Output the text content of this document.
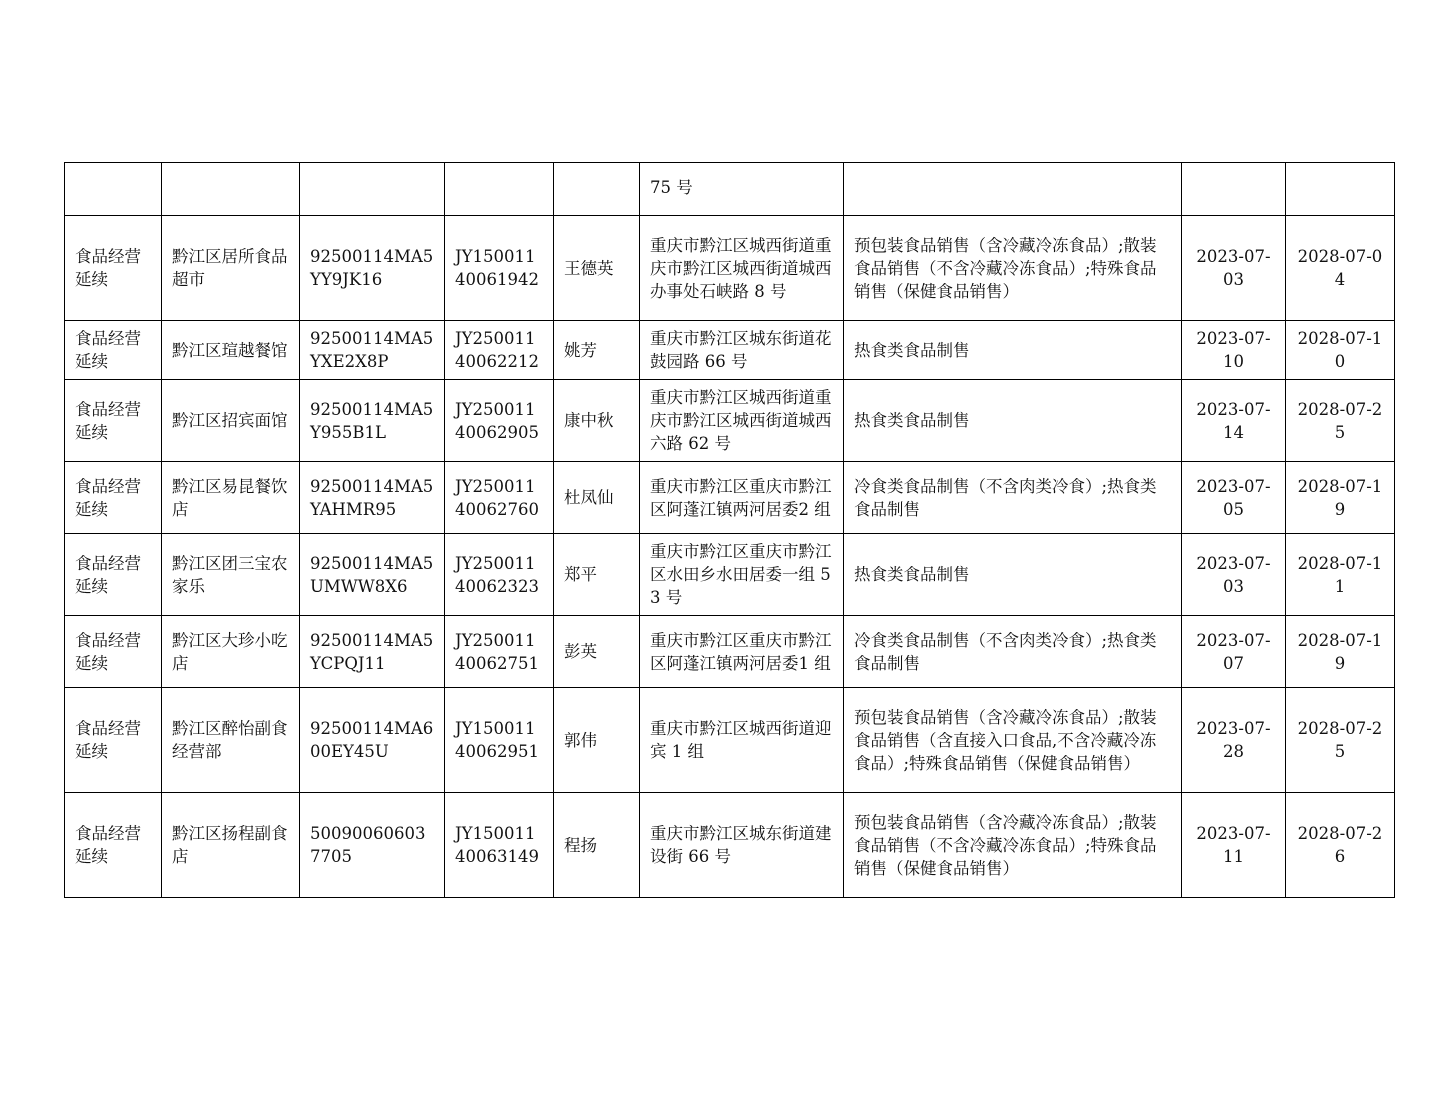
					75 号			
食品经营延续	黔江区居所食品超市	92500114MA5YY9JK16	JY15001140061942	王德英	重庆市黔江区城西街道重庆市黔江区城西街道城西办事处石峡路 8 号	预包装食品销售（含冷藏冷冻食品）;散装食品销售（不含冷藏冷冻食品）;特殊食品销售（保健食品销售）	2023-07-03	2028-07-04
食品经营延续	黔江区瑄越餐馆	92500114MA5YXE2X8P	JY25001140062212	姚芳	重庆市黔江区城东街道花鼓园路 66 号	热食类食品制售	2023-07-10	2028-07-10
食品经营延续	黔江区招宾面馆	92500114MA5Y955B1L	JY25001140062905	康中秋	重庆市黔江区城西街道重庆市黔江区城西街道城西六路 62 号	热食类食品制售	2023-07-14	2028-07-25
食品经营延续	黔江区易昆餐饮店	92500114MA5YAHMR95	JY25001140062760	杜凤仙	重庆市黔江区重庆市黔江区阿蓬江镇两河居委2 组	冷食类食品制售（不含肉类冷食）;热食类食品制售	2023-07-05	2028-07-19
食品经营延续	黔江区团三宝农家乐	92500114MA5UMWW8X6	JY25001140062323	郑平	重庆市黔江区重庆市黔江区水田乡水田居委一组 53 号	热食类食品制售	2023-07-03	2028-07-11
食品经营延续	黔江区大珍小吃店	92500114MA5YCPQJ11	JY25001140062751	彭英	重庆市黔江区重庆市黔江区阿蓬江镇两河居委1 组	冷食类食品制售（不含肉类冷食）;热食类食品制售	2023-07-07	2028-07-19
食品经营延续	黔江区醉怡副食经营部	92500114MA600EY45U	JY15001140062951	郭伟	重庆市黔江区城西街道迎宾 1 组	预包装食品销售（含冷藏冷冻食品）;散装食品销售（含直接入口食品,不含冷藏冷冻食品）;特殊食品销售（保健食品销售）	2023-07-28	2028-07-25
食品经营延续	黔江区扬程副食店	500900606037705	JY15001140063149	程扬	重庆市黔江区城东街道建设街 66 号	预包装食品销售（含冷藏冷冻食品）;散装食品销售（不含冷藏冷冻食品）;特殊食品销售（保健食品销售）	2023-07-11	2028-07-26
